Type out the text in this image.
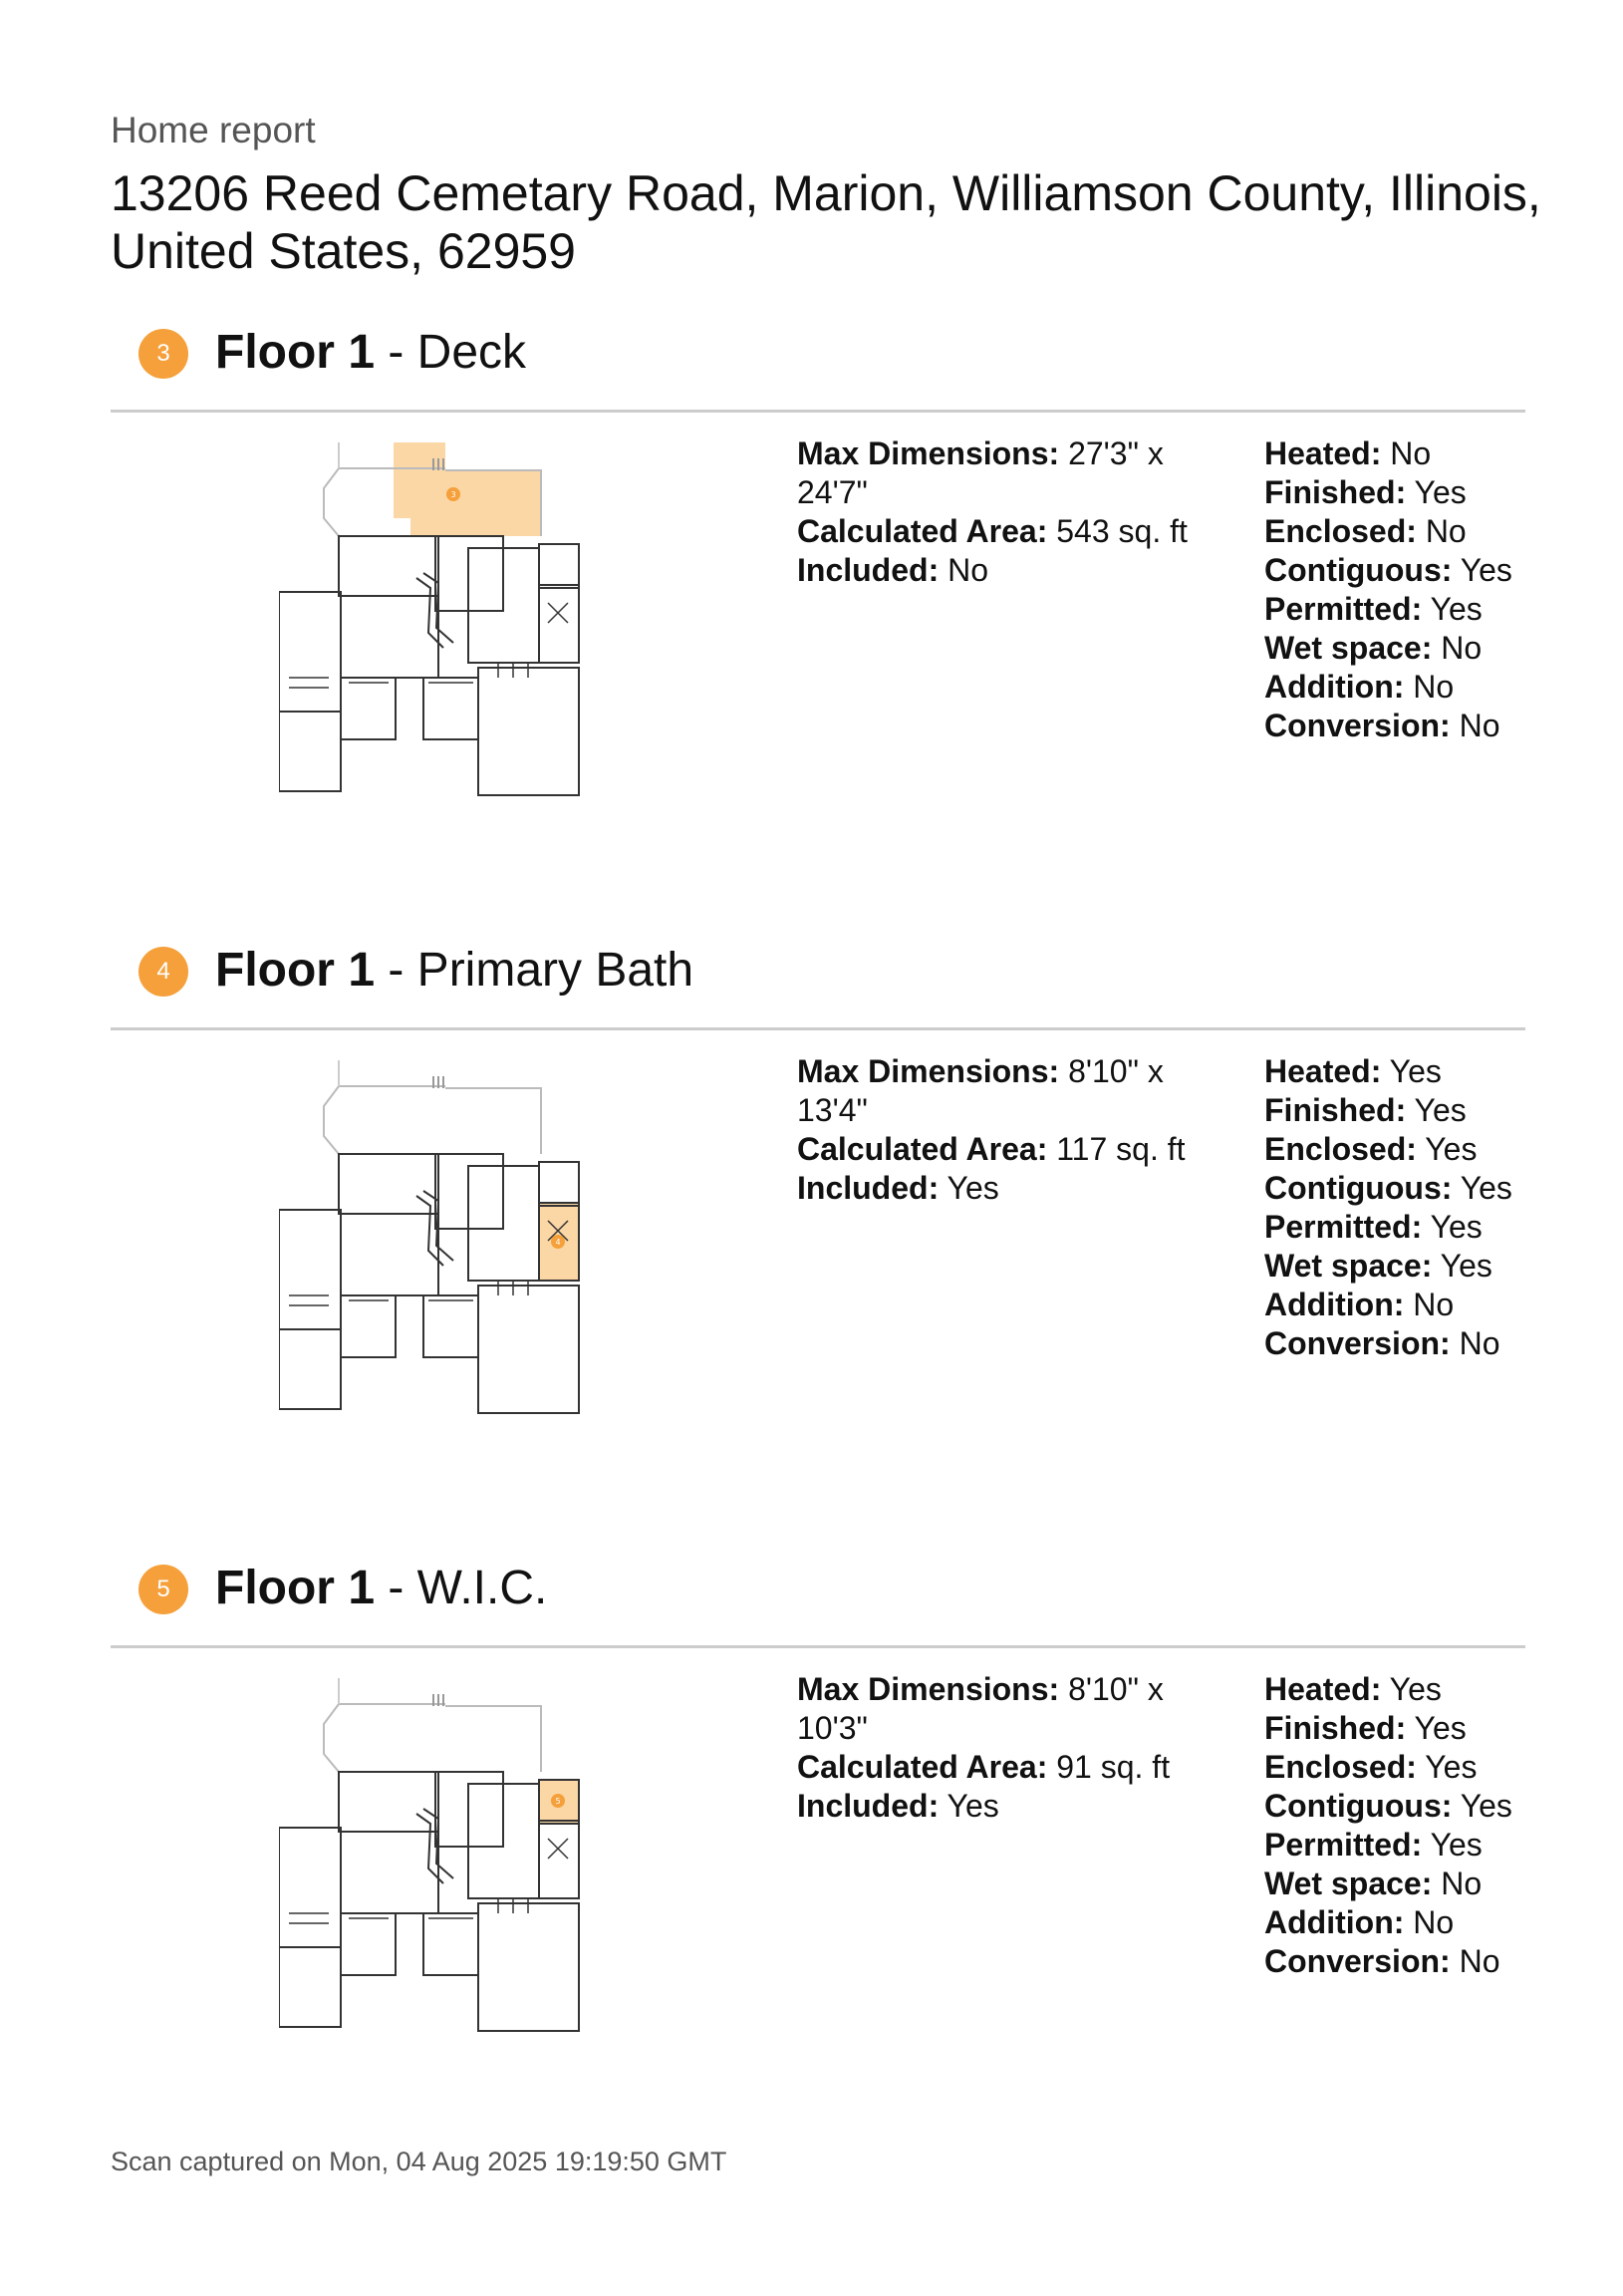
Home report
13206 Reed Cemetary Road, Marion, Williamson County, Illinois, United States, 62959
3 Floor 1 - Deck
3
Max Dimensions: 27'3" x 24'7"
Calculated Area: 543 sq. ft
Included: No
Heated: No
Finished: Yes
Enclosed: No
Contiguous: Yes
Permitted: Yes
Wet space: No
Addition: No
Conversion: No
4 Floor 1 - Primary Bath
4
Max Dimensions: 8'10" x 13'4"
Calculated Area: 117 sq. ft
Included: Yes
Heated: Yes
Finished: Yes
Enclosed: Yes
Contiguous: Yes
Permitted: Yes
Wet space: Yes
Addition: No
Conversion: No
5 Floor 1 - W.I.C.
5
Max Dimensions: 8'10" x 10'3"
Calculated Area: 91 sq. ft
Included: Yes
Heated: Yes
Finished: Yes
Enclosed: Yes
Contiguous: Yes
Permitted: Yes
Wet space: No
Addition: No
Conversion: No
Scan captured on Mon, 04 Aug 2025 19:19:50 GMT
